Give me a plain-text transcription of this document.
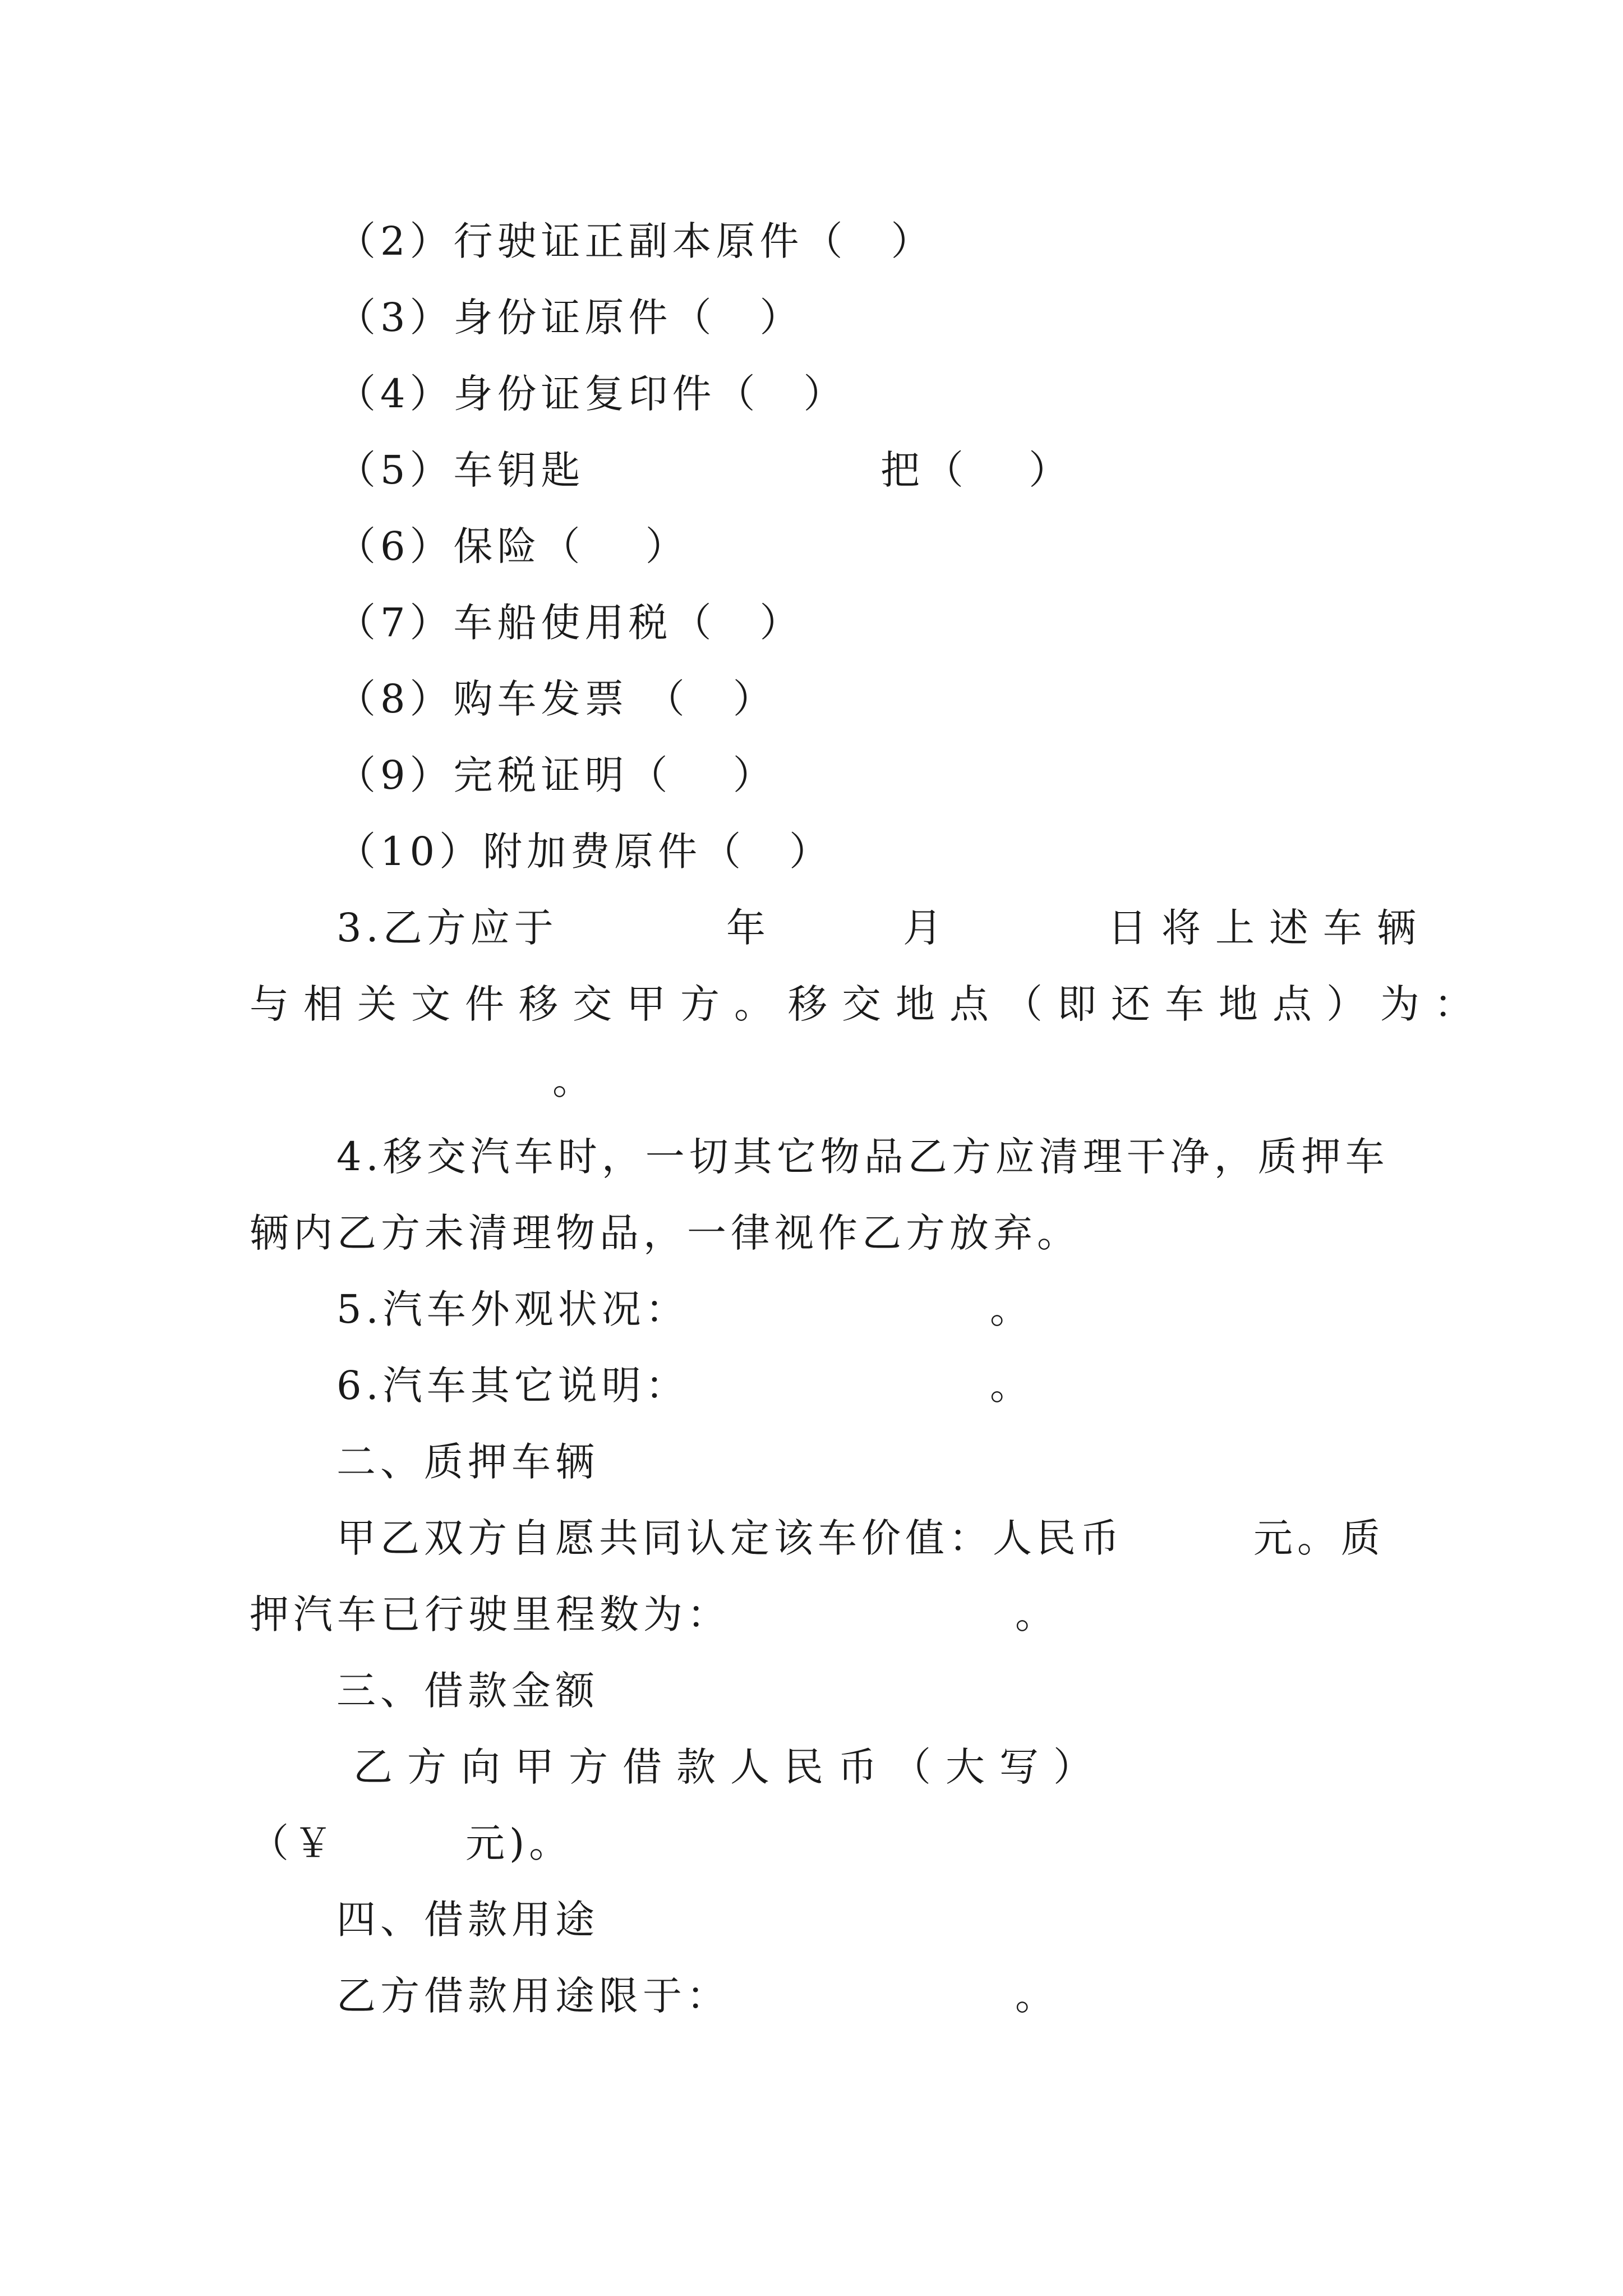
（2）行驶证正副本原件（　）
（3）身份证原件（　）
（4）身份证复印件（　）
（5）车钥匙	把（　 ）
（6）保险（　 ）
（7）车船使用税（　）
（8）购车发票 （　）
（9）完税证明（　 ）
（10）附加费原件（　）
3.乙方应于	年	月	日将上述车辆
与相关文件移交甲方。移交地点（即还车地点）为：
。
4.移交汽车时，一切其它物品乙方应清理干净，质押车
辆内乙方未清理物品，一律视作乙方放弃。
5.汽车外观状况：	。
6.汽车其它说明：	。
二、质押车辆
甲乙双方自愿共同认定该车价值：人民币	元。质
押汽车已行驶里程数为：	。
三、借款金额
乙方向甲方借款人民币（大写）
（￥	元)。
四、借款用途
乙方借款用途限于：	。
